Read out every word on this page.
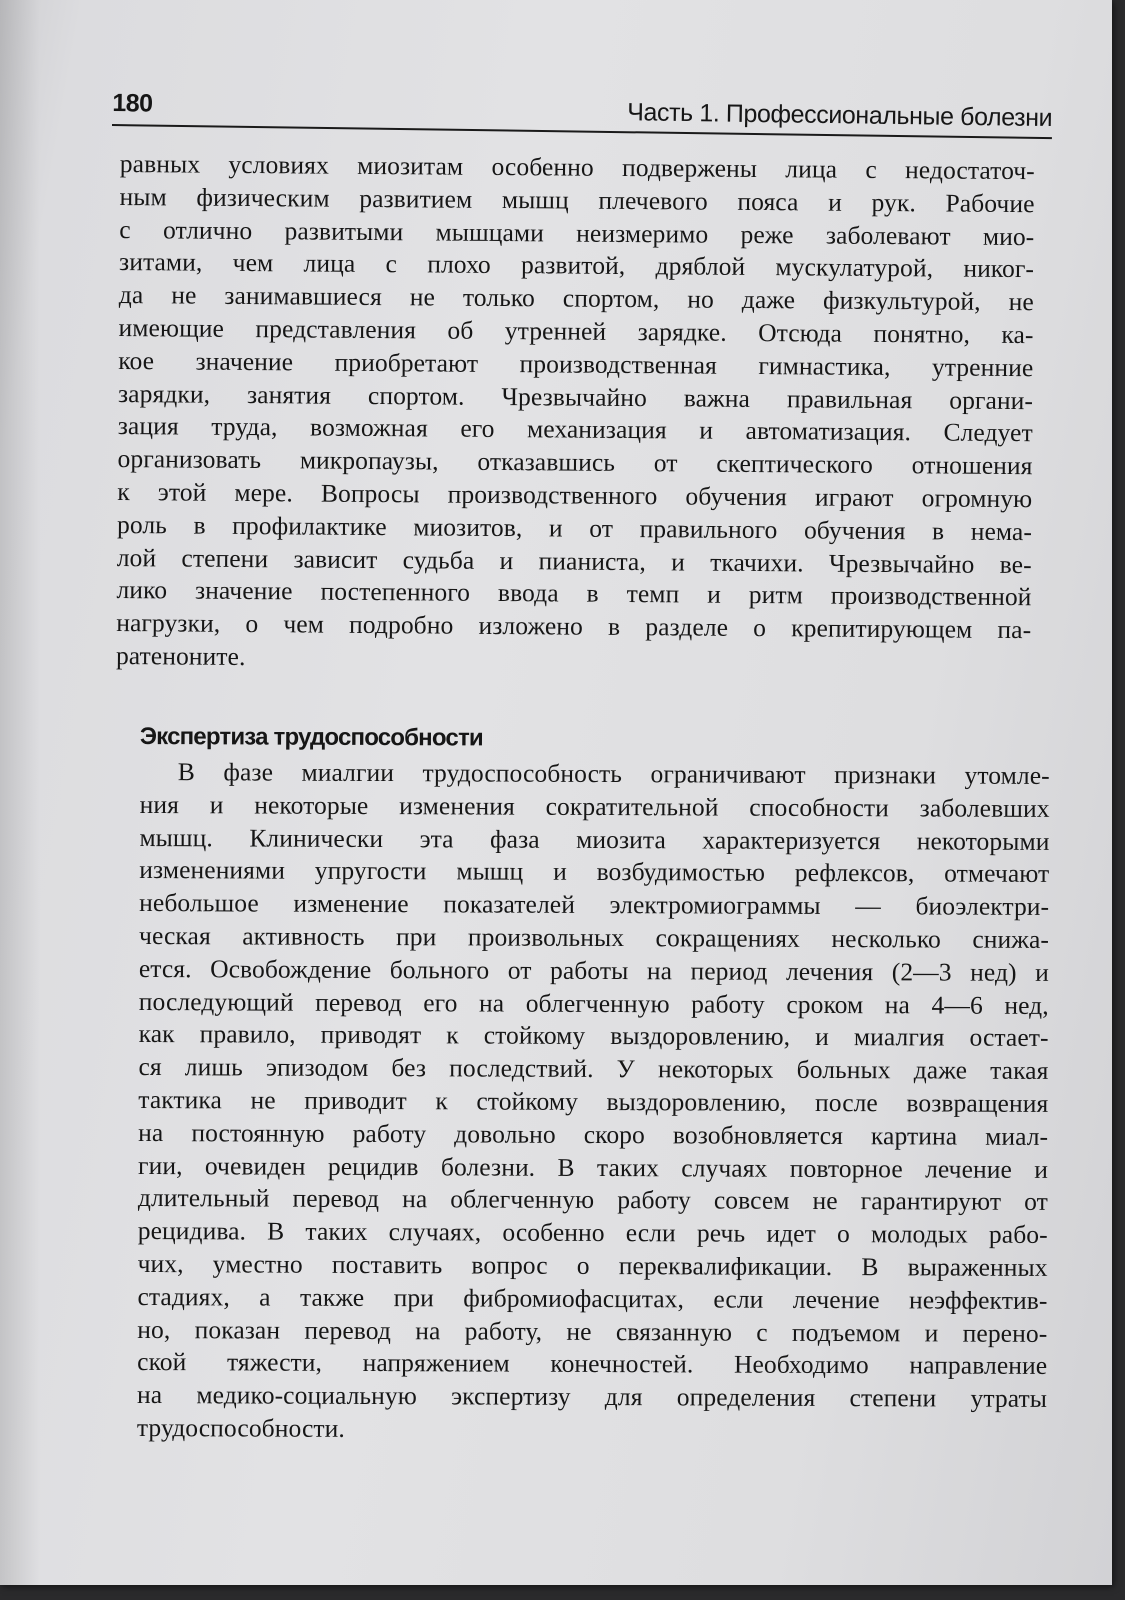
180	Часть 1. Профессиональные болезни
равных условиях миозитам особенно подвержены лица с недостаточ-
ным физическим развитием мышц плечевого пояса и рук. Рабочие
с отлично развитыми мышцами неизмеримо реже заболевают мио-
зитами, чем лица с плохо развитой, дряблой мускулатурой, никог-
да не занимавшиеся не только спортом, но даже физкультурой, не
имеющие представления об утренней зарядке. Отсюда понятно, ка-
кое значение приобретают производственная гимнастика, утренние
зарядки, занятия спортом. Чрезвычайно важна правильная органи-
зация труда, возможная его механизация и автоматизация. Следует
организовать микропаузы, отказавшись от скептического отношения
к этой мере. Вопросы производственного обучения играют огромную
роль в профилактике миозитов, и от правильного обучения в нема-
лой степени зависит судьба и пианиста, и ткачихи. Чрезвычайно ве-
лико значение постепенного ввода в темп и ритм производственной
нагрузки, о чем подробно изложено в разделе о крепитирующем па-
ратеноните.
Экспертиза трудоспособности
В фазе миалгии трудоспособность ограничивают признаки утомле-
ния и некоторые изменения сократительной способности заболевших
мышц. Клинически эта фаза миозита характеризуется некоторыми
изменениями упругости мышц и возбудимостью рефлексов, отмечают
небольшое изменение показателей электромиограммы — биоэлектри-
ческая активность при произвольных сокращениях несколько снижа-
ется. Освобождение больного от работы на период лечения (2—3 нед) и
последующий перевод его на облегченную работу сроком на 4—6 нед,
как правило, приводят к стойкому выздоровлению, и миалгия остает-
ся лишь эпизодом без последствий. У некоторых больных даже такая
тактика не приводит к стойкому выздоровлению, после возвращения
на постоянную работу довольно скоро возобновляется картина миал-
гии, очевиден рецидив болезни. В таких случаях повторное лечение и
длительный перевод на облегченную работу совсем не гарантируют от
рецидива. В таких случаях, особенно если речь идет о молодых рабо-
чих, уместно поставить вопрос о переквалификации. В выраженных
стадиях, а также при фибромиофасцитах, если лечение неэффектив-
но, показан перевод на работу, не связанную с подъемом и перено-
ской тяжести, напряжением конечностей. Необходимо направление
на медико-социальную экспертизу для определения степени утраты
трудоспособности.
